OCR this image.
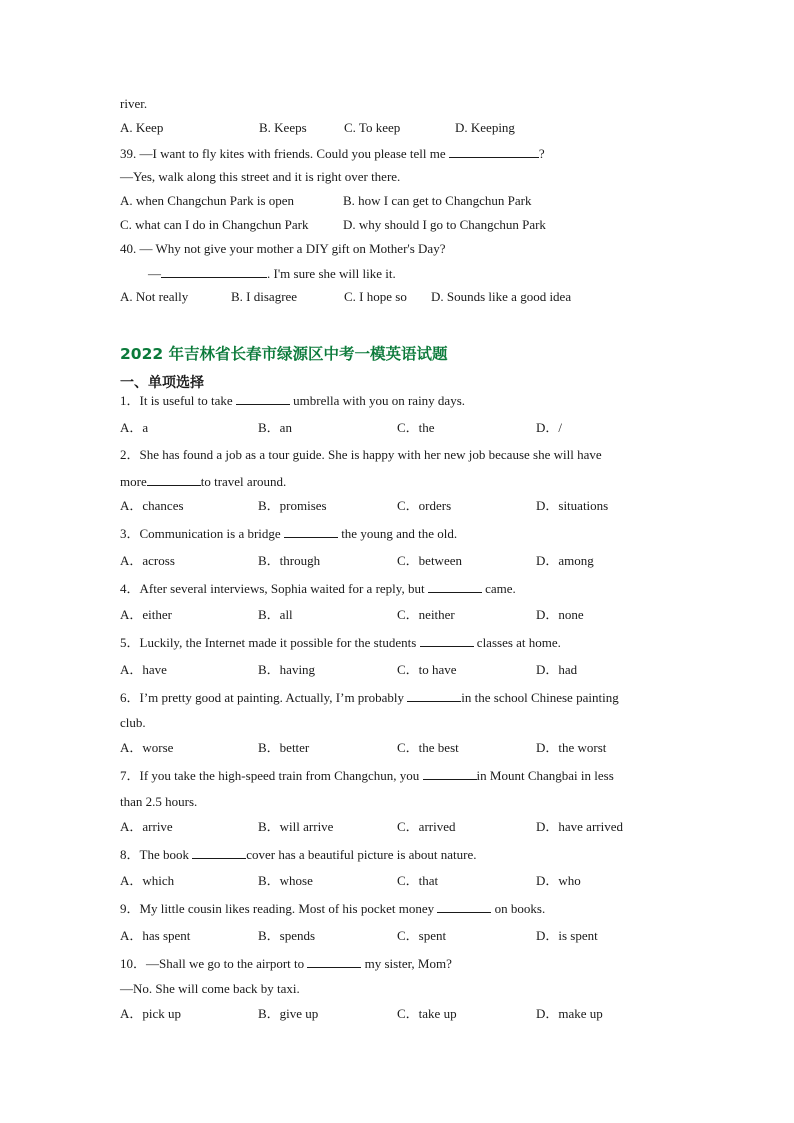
river.
A. Keep	B. Keeps	C. To keep	D. Keeping
39. —I want to fly kites with friends. Could you please tell me	?
—Yes, walk along this street and it is right over there.
A. when Changchun Park is open	B. how I can get to Changchun Park
C. what can I do in Changchun Park	D. why should I go to Changchun Park
40. — Why not give your mother a DIY gift on Mother's Day?
—	. I'm sure she will like it.
A. Not really	B. I disagree	C. I hope so D. Sounds like a good idea
2022 年吉林省长春市绿源区中考一模英语试题
一、单项选择
1．It is useful to take	umbrella with you on rainy days.
A．a	B．an	C．the	D．/
2．She has found a job as a tour guide. She is happy with her new job because she will have
more	to travel around.
A．chances	B．promises	C．orders	D．situations
3．Communication is a bridge	the young and the old.
A．across	B．through	C．between	D．among
4．After several interviews, Sophia waited for a reply, but	came.
A．either	B．all	C．neither	D．none
5．Luckily, the Internet made it possible for the students	classes at home.
A．have	B．having	C．to have	D．had
6．I’m pretty good at painting. Actually, I’m probably	in the school Chinese painting
club.
A．worse	B．better	C．the best	D．the worst
7．If you take the high-speed train from Changchun, you	in Mount Changbai in less
than 2.5 hours.
A．arrive	B．will arrive	C．arrived	D．have arrived
8．The book	cover has a beautiful picture is about nature.
A．which	B．whose	C．that	D．who
9．My little cousin likes reading. Most of his pocket money	on books.
A．has spent	B．spends	C．spent	D．is spent
10．—Shall we go to the airport to	my sister, Mom?
—No. She will come back by taxi.
A．pick up	B．give up	C．take up	D．make up
